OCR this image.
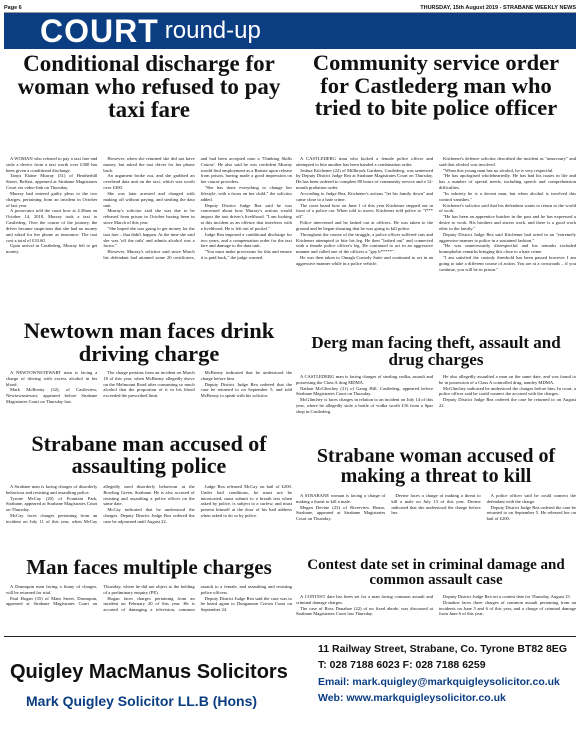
Page 6	THURSDAY, 15th August 2019 - STRABANE WEEKLY NEWS
COURT round-up
Conditional discharge for woman who refused to pay taxi fare

A WOMAN who refused to pay a taxi fare and stole a device from a taxi worth over £300 has been given a conditional discharge.

Tanya Elaine Murray (31) of Heatherhill Street, Belfast, appeared at Strabane Magistrates Court via video-link on Thursday.

Murray had entered guilty pleas to the two charges, pertaining from an incident in October of last year.

A prosecutor told the court how at 4.30am on October 14, 2018, Murray took a taxi to Castlederg. Over the course of the journey, the driver became suspicious that she had no money and asked for her phone as insurance. The taxi cost a total of £33.60.

Upon arrival in Castlederg, Murray left to get money.

However, when she returned she did not have money, but asked the taxi driver for her phone back.

An argument broke out, and she grabbed an overhead data unit on the taxi, which was worth over £300.

She was later arrested and charged with making off without paying, and stealing the data unit.

Murray's solicitor said she was due to be released from prison in October having been in since March of this year.

"She hoped she was going to get money for the taxi fare – that didn't happen. At the time she said she was 'off the rails' and admits alcohol was a factor."

However, Murray's solicitor said since March his defendant had attained some 20 certificates, and had been accepted onto a 'Thinking Skills Course'. He also said he was confident Murray would find employment as a Barista upon release from prison, having made a good impression on her course providers.

"She has done everything to change her lifestyle, with a focus on her child," the solicitor added.

Deputy District Judge Rea said he was concerned about how Murray's actions would impact the taxi driver's livelihood. "I am looking at this incident as an offence that interferes with a livelihood. He is left out of pocket."

Judge Rea imposed a conditional discharge for two years, and a compensation order for the taxi fare and damage to the data unit.

"You must make provisions for this and ensure it is paid back," the judge warned.

Community service order for Castlederg man who tried to bite police officer

A CASTLEDERG man who kicked a female police officer and attempted to bite another has been handed a combination order.

Joshua Kitchener (22) of Millbrook Gardens, Castlederg, was sentenced by Deputy District Judge Rea at Strabane Magistrates Court on Thursday. He has been ordered to complete 80 hours of community service and a 12-month probation order.

According to Judge Rea, Kitchener's actions "let his family down" and came close to a hate crime.

The court heard how on June 1 of this year Kitchener stepped out in front of a police car. When told to move, Kitchener told police to "f*** off".

Police intervened and he lashed out at officers. He was taken to the ground and he began shouting that he was going to kill police.

Throughout the course of the struggle, a police officer suffered cuts and Kitchener attempted to bite his leg. He then "lashed out" and connected with a female police officer's leg. He continued to act in an aggressive manner and called one of the officers a "gay b*****".

He was then taken to Omagh Custody Suite and continued to act in an aggressive manner while in a police vehicle.

Kitchener's defence solicitor described the incident as "unsavoury" and said that alcohol was involved.

"When this young man has no alcohol, he is very respectful.

"He has apologised wholeheartedly. He has had his issues in life and has a number of special needs, including speech and comprehension difficulties.

"In sobriety he is a decent man, but when alcohol is involved this control vanishes."

Kitchener's solicitor said that his defendant wants to return to the world of work.

"He has been an apprentice butcher in the past and he has expressed a desire to work. His brothers and sisters work, and there is a good work ethic in the family."

Deputy District Judge Rea said Kitchener had acted in an "extremely aggressive manner to police in a sustained fashion."

"He was unnecessarily disrespectful and his remarks included homophobic remarks bringing this close to a hate crime.

"I am satisfied the custody threshold has been passed however I am going to take a different course of action. You are at a crossroads – if you continue, you will be in prison."

Newtown man faces drink driving charge

A NEWTOWNSTEWART man is facing a charge of driving with excess alcohol in his blood.

Mark McBreaty (32), of Castleview, Newtownstewart, appeared before Strabane Magistrates Court on Thursday last.

The charge pertains from an incident on March 18 of this year, when McBreaty allegedly drove on the Melmount Road after consuming so much alcohol that the proportion of it in his blood exceeded the prescribed limit.

McBreaty indicated that he understood the charge before him.

Deputy District Judge Rea ordered that the case be returned to on September 5, and told McBreaty to speak with his solicitor.

Derg man facing theft, assault and drug charges

A CASTLEDERG man is facing charges of stealing vodka, assault and possessing the Class A drug MDMA.

Nathan McGlinchey (21) of Garag Hill, Castlederg, appeared before Strabane Magistrates Court on Thursday.

McGlinchey is faces charges in relation to an incident on July 14 of this year, where he allegedly stole a bottle of vodka worth £16 from a Spar shop in Castlederg.

He also allegedly assaulted a man on the same date, and was found to be in possession of a Class A controlled drug, namley MDMA.

McGlinchey indicated he understood the charges before him. In court, a police officer said he could connect the accused with the charges.

Deputy District Judge Rea ordered the case be returned to on August 22.

Strabane man accused of assaulting police

A Strabane man is facing charges of disorderly behaviour and resisting and assaulting police.

Tyrone McCay (20) of Fountain Park, Strabane, appeared at Strabane Magistrates Court on Thursday.

McCay faces charges pertaining from an incident on July 11 of this year, when McCay allegedly used disorderly behaviour at the Bowling Green, Strabane. He is also accused of resisting and assaulting a police officer on the same date.

McCay indicated that he understood the charges. Deputy District Judge Rea ordered the case be adjourned until August 22.

Judge Rea released McCay on bail of £200. Under bail conditions, he must not be intoxicated, must submit to a breath test when asked by police, is subject to a curfew, and must present himself at the door of his bail address when asked to do so by police.

Strabane woman accused of making a threat to kill

A STRABANE woman is facing a charge of making a threat to kill a male.

Megan Devine (23) of Riverview House, Strabane, appeared at Strabane Magistrates Court on Thursday.

Devine faces a charge of making a threat to kill a male on July 13 of this year. Devine indicated that she understood the charge before her.

A police officer said he could connect the defendant with the charge.

Deputy District Judge Rea ordered the case be returned to on September 5. He released her on bail of £200.

Man faces multiple charges

A Drumquin man facing a litany of charges, will be returned for trial.

Paul Hogan (35) of Main Street, Drumquin, appeared at Strabane Magistrates Court on Thursday, where he did not object to the holding of a preliminary enquiry (PE).

Hogan faces charges pertaining from an incident on February 20 of this year. He is accused of damaging a television, common assault to a female, and assaulting and resisting police officers.

Deputy District Judge Rea said the case was to be heard again to Dungannon Crown Court on September 24.

Contest date set in criminal damage and common assault case

A CONTEST date has been set for a man facing common assault and criminal damage charges.

The case of Ross Donahoe (22) of no fixed abode, was discussed at Strabane Magistrates Court last Thursday.

Deputy District Judge Rea set a contest date for Thursday, August 15.

Donahoe faces three charges of common assault pertaining from an incidents on June 5 and 6 of this year, and a charge of criminal damage from June 6 of this year.

Quigley MacManus Solicitors
Mark Quigley Solicitor LL.B (Hons)
11 Railway Street, Strabane, Co. Tyrone BT82 8EG
T: 028 7188 6023 F: 028 7188 6259
Email: mark.quigley@markquigleysolicitor.co.uk
Web: www.markquigleysolicitor.co.uk
